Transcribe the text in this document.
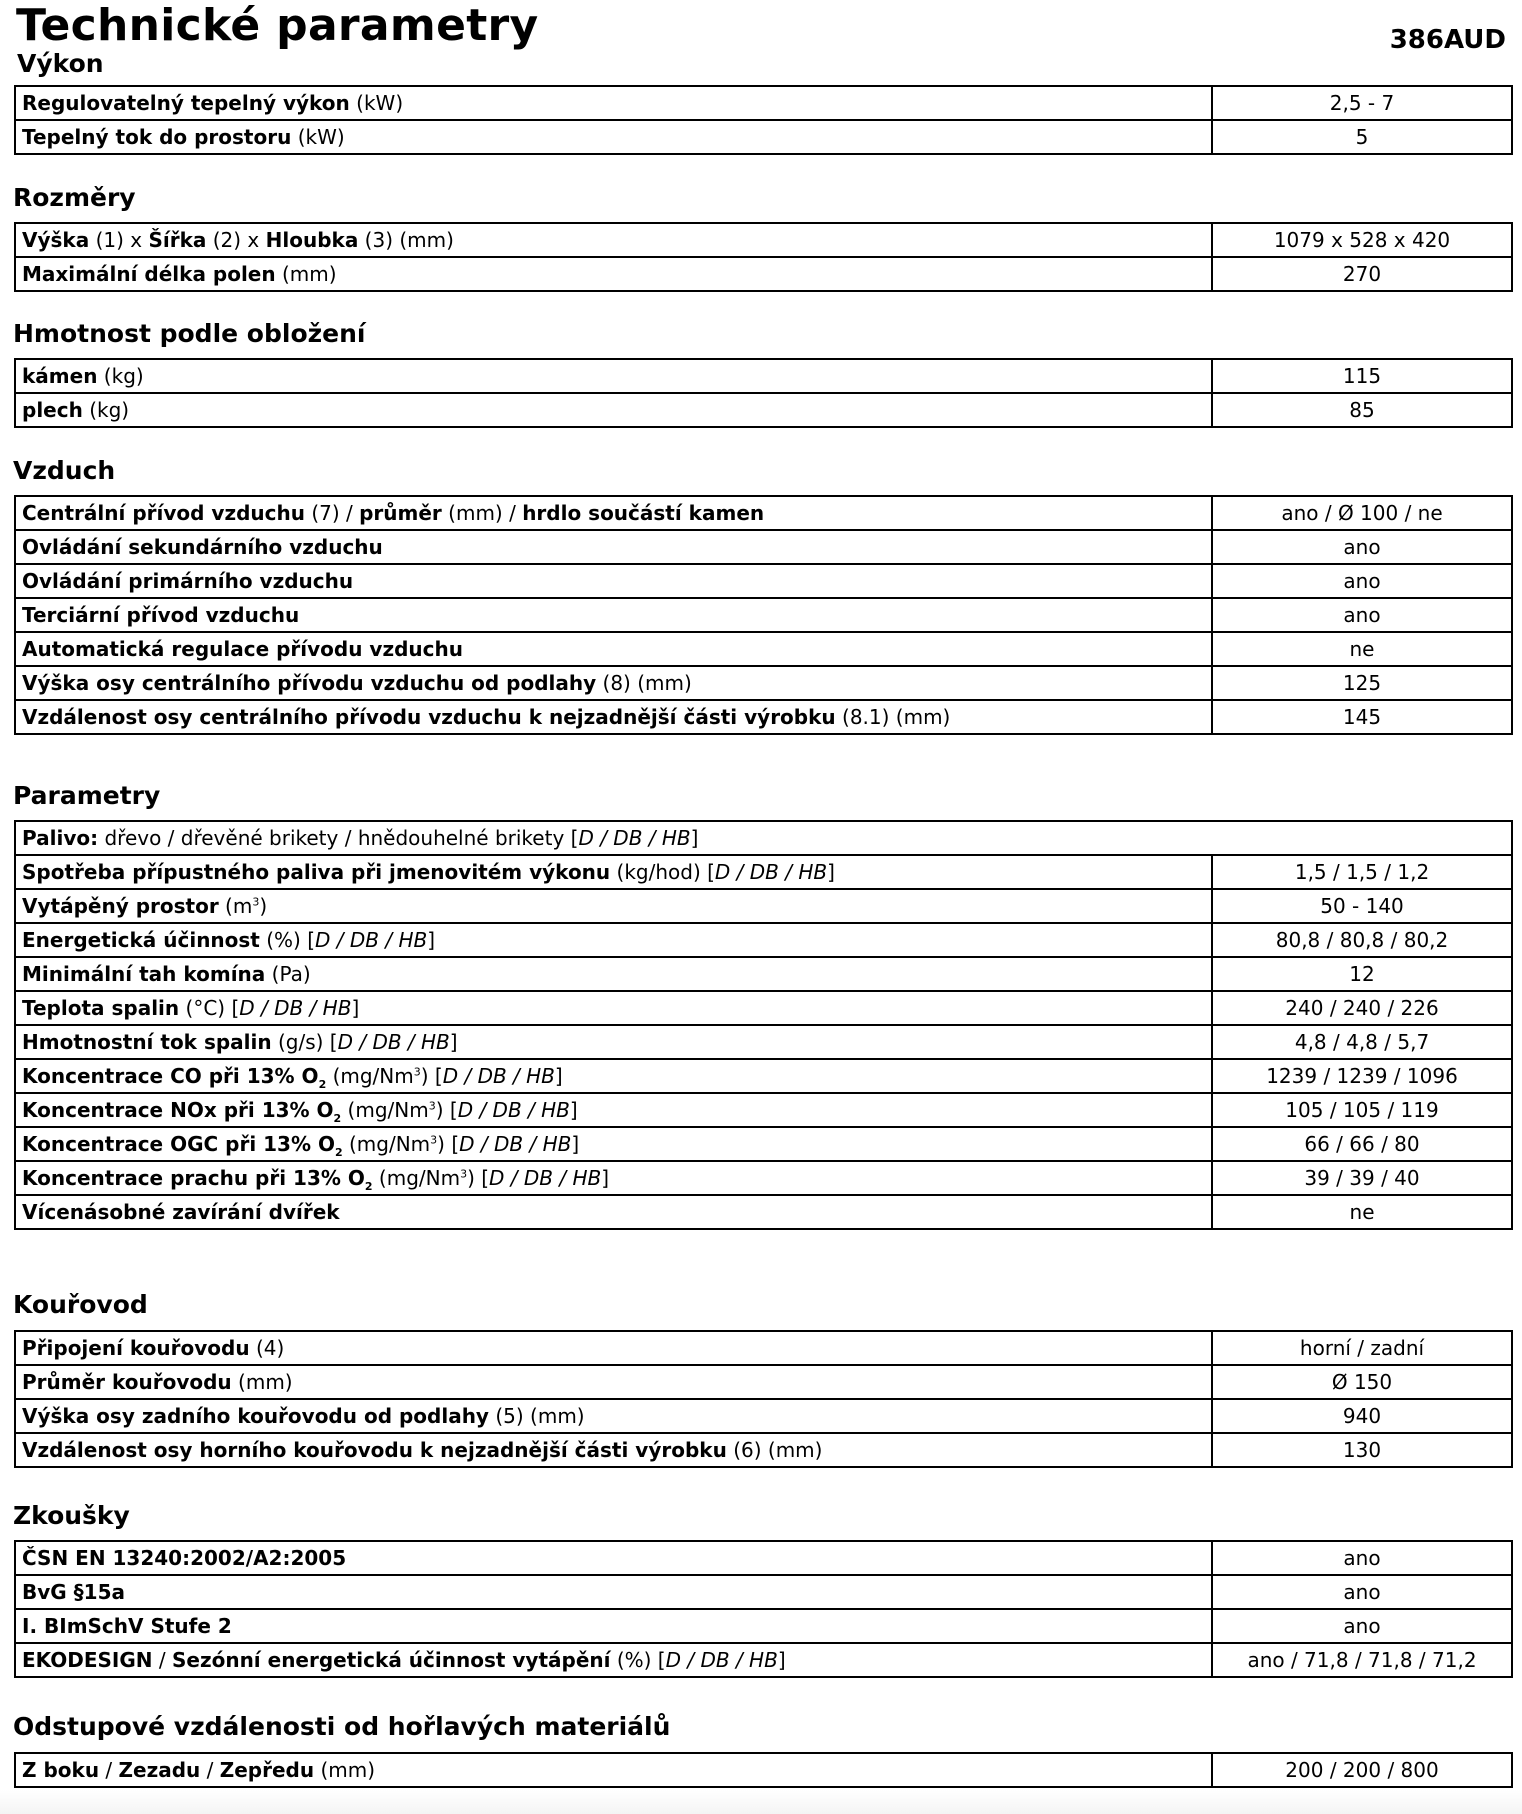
Technické parametry	386AUD
Výkon
Regulovatelný tepelný výkon (kW)	2,5 - 7
Tepelný tok do prostoru (kW)	5
Rozměry
Výška (1) x Šířka (2) x Hloubka (3) (mm)	1079 x 528 x 420
Maximální délka polen (mm)	270
Hmotnost podle obložení
kámen (kg)	115
plech (kg)	85
Vzduch
Centrální přívod vzduchu (7) / průměr (mm) / hrdlo součástí kamen	ano / Ø 100 / ne
Ovládání sekundárního vzduchu	ano
Ovládání primárního vzduchu	ano
Terciární přívod vzduchu	ano
Automatická regulace přívodu vzduchu	ne
Výška osy centrálního přívodu vzduchu od podlahy (8) (mm)	125
Vzdálenost osy centrálního přívodu vzduchu k nejzadnější části výrobku (8.1) (mm)	145
Parametry
Palivo: dřevo / dřevěné brikety / hnědouhelné brikety [D / DB / HB]	
Spotřeba přípustného paliva při jmenovitém výkonu (kg/hod) [D / DB / HB]	1,5 / 1,5 / 1,2
Vytápěný prostor $(m^3)$	50 - 140
Energetická účinnost (%) [D / DB / HB]	80,8 / 80,8 / 80,2
Minimální tah komína (Pa)	12
Teplota spalin (°C) [D / DB / HB]	240 / 240 / 226
Hmotnostní tok spalin (g/s) [D / DB / HB]	4,8 / 4,8 / 5,7
Koncentrace CO při 13% $O_2$ (mg/Nm$^3$) [D / DB / HB]	1239 / 1239 / 1096
Koncentrace NOx při 13% $O_2$ (mg/Nm$^3$) [D / DB / HB]	105 / 105 / 119
Koncentrace OGC při 13% $O_2$ (mg/Nm$^3$) [D / DB / HB]	66 / 66 / 80
Koncentrace prachu při 13% $O_2$ (mg/Nm$^3$) [D / DB / HB]	39 / 39 / 40
Vícenásobné zavírání dvířek	ne
Kouřovod
Připojení kouřovodu (4)	horní / zadní
Průměr kouřovodu (mm)	Ø 150
Výška osy zadního kouřovodu od podlahy (5) (mm)	940
Vzdálenost osy horního kouřovodu k nejzadnější části výrobku (6) (mm)	130
Zkoušky
ČSN EN 13240:2002/A2:2005	ano
BvG §15a	ano
I. BImSchV Stufe 2	ano
EKODESIGN / Sezónní energetická účinnost vytápění (%) [D / DB / HB]	ano / 71,8 / 71,8 / 71,2
Odstupové vzdálenosti od hořlavých materiálů
Z boku / Zezadu / Zepředu (mm)	200 / 200 / 800
